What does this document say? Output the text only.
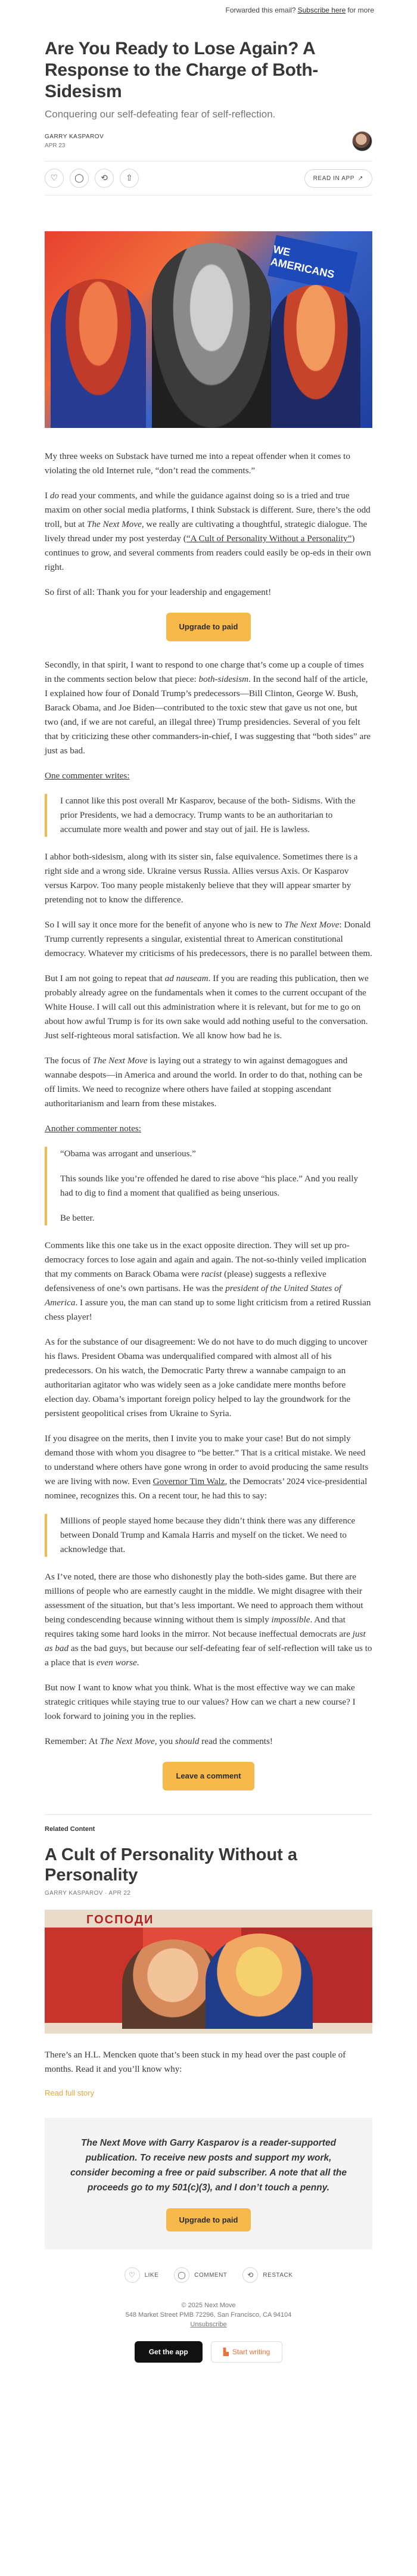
Forwarded this email? Subscribe here for more
Are You Ready to Lose Again? A Response to the Charge of Both-Sidesism
Conquering our self-defeating fear of self-reflection.
GARRY KASPAROV
APR 23
♡ ◯ ⟲ ⇧	READ IN APP ↗
WE AMERICANS

My three weeks on Substack have turned me into a repeat offender when it comes to violating the old Internet rule, “don’t read the comments.”

I do read your comments, and while the guidance against doing so is a tried and true maxim on other social media platforms, I think Substack is different. Sure, there’s the odd troll, but at The Next Move, we really are cultivating a thoughtful, strategic dialogue. The lively thread under my post yesterday (“A Cult of Personality Without a Personality”) continues to grow, and several comments from readers could easily be op-eds in their own right.

So first of all: Thank you for your leadership and engagement!

Upgrade to paid

Secondly, in that spirit, I want to respond to one charge that’s come up a couple of times in the comments section below that piece: both-sidesism. In the second half of the article, I explained how four of Donald Trump’s predecessors—Bill Clinton, George W. Bush, Barack Obama, and Joe Biden—contributed to the toxic stew that gave us not one, but two (and, if we are not careful, an illegal three) Trump presidencies. Several of you felt that by criticizing these other commanders-in-chief, I was suggesting that “both sides” are just as bad.

One commenter writes:

I cannot like this post overall Mr Kasparov, because of the both- Sidisms. With the prior Presidents, we had a democracy. Trump wants to be an authoritarian to accumulate more wealth and power and stay out of jail. He is lawless.

I abhor both-sidesism, along with its sister sin, false equivalence. Sometimes there is a right side and a wrong side. Ukraine versus Russia. Allies versus Axis. Or Kasparov versus Karpov. Too many people mistakenly believe that they will appear smarter by pretending not to know the difference.

So I will say it once more for the benefit of anyone who is new to The Next Move: Donald Trump currently represents a singular, existential threat to American constitutional democracy. Whatever my criticisms of his predecessors, there is no parallel between them.

But I am not going to repeat that ad nauseam. If you are reading this publication, then we probably already agree on the fundamentals when it comes to the current occupant of the White House. I will call out this administration where it is relevant, but for me to go on about how awful Trump is for its own sake would add nothing useful to the conversation. Just self-righteous moral satisfaction. We all know how bad he is.

The focus of The Next Move is laying out a strategy to win against demagogues and wannabe despots—in America and around the world. In order to do that, nothing can be off limits. We need to recognize where others have failed at stopping ascendant authoritarianism and learn from these mistakes.

Another commenter notes:

“Obama was arrogant and unserious.”

This sounds like you’re offended he dared to rise above “his place.” And you really had to dig to find a moment that qualified as being unserious.

Be better.

Comments like this one take us in the exact opposite direction. They will set up pro-democracy forces to lose again and again and again. The not-so-thinly veiled implication that my comments on Barack Obama were racist (please) suggests a reflexive defensiveness of one’s own partisans. He was the president of the United States of America. I assure you, the man can stand up to some light criticism from a retired Russian chess player!

As for the substance of our disagreement: We do not have to do much digging to uncover his flaws. President Obama was underqualified compared with almost all of his predecessors. On his watch, the Democratic Party threw a wannabe campaign to an authoritarian agitator who was widely seen as a joke candidate mere months before election day. Obama’s important foreign policy helped to lay the groundwork for the persistent geopolitical crises from Ukraine to Syria.

If you disagree on the merits, then I invite you to make your case! But do not simply demand those with whom you disagree to “be better.” That is a critical mistake. We need to understand where others have gone wrong in order to avoid producing the same results we are living with now. Even Governor Tim Walz, the Democrats’ 2024 vice-presidential nominee, recognizes this. On a recent tour, he had this to say:

Millions of people stayed home because they didn’t think there was any difference between Donald Trump and Kamala Harris and myself on the ticket. We need to acknowledge that.

As I’ve noted, there are those who dishonestly play the both-sides game. But there are millions of people who are earnestly caught in the middle. We might disagree with their assessment of the situation, but that’s less important. We need to approach them without being condescending because winning without them is simply impossible. And that requires taking some hard looks in the mirror. Not because ineffectual democrats are just as bad as the bad guys, but because our self-defeating fear of self-reflection will take us to a place that is even worse.

But now I want to know what you think. What is the most effective way we can make strategic critiques while staying true to our values? How can we chart a new course? I look forward to joining you in the replies.

Remember: At The Next Move, you should read the comments!

Leave a comment
Related Content
A Cult of Personality Without a Personality
GARRY KASPAROV · APR 22
ГОСПОДИ

There’s an H.L. Mencken quote that’s been stuck in my head over the past couple of months. Read it and you’ll know why:

Read full story

The Next Move with Garry Kasparov is a reader-supported publication. To receive new posts and support my work, consider becoming a free or paid subscriber. A note that all the proceeds go to my 501(c)(3), and I don’t touch a penny.

Upgrade to paid
♡	LIKE	◯	COMMENT	⟲	RESTACK
© 2025 Next Move
548 Market Street PMB 72296, San Francisco, CA 94104
Unsubscribe
Get the app	▙ Start writing
